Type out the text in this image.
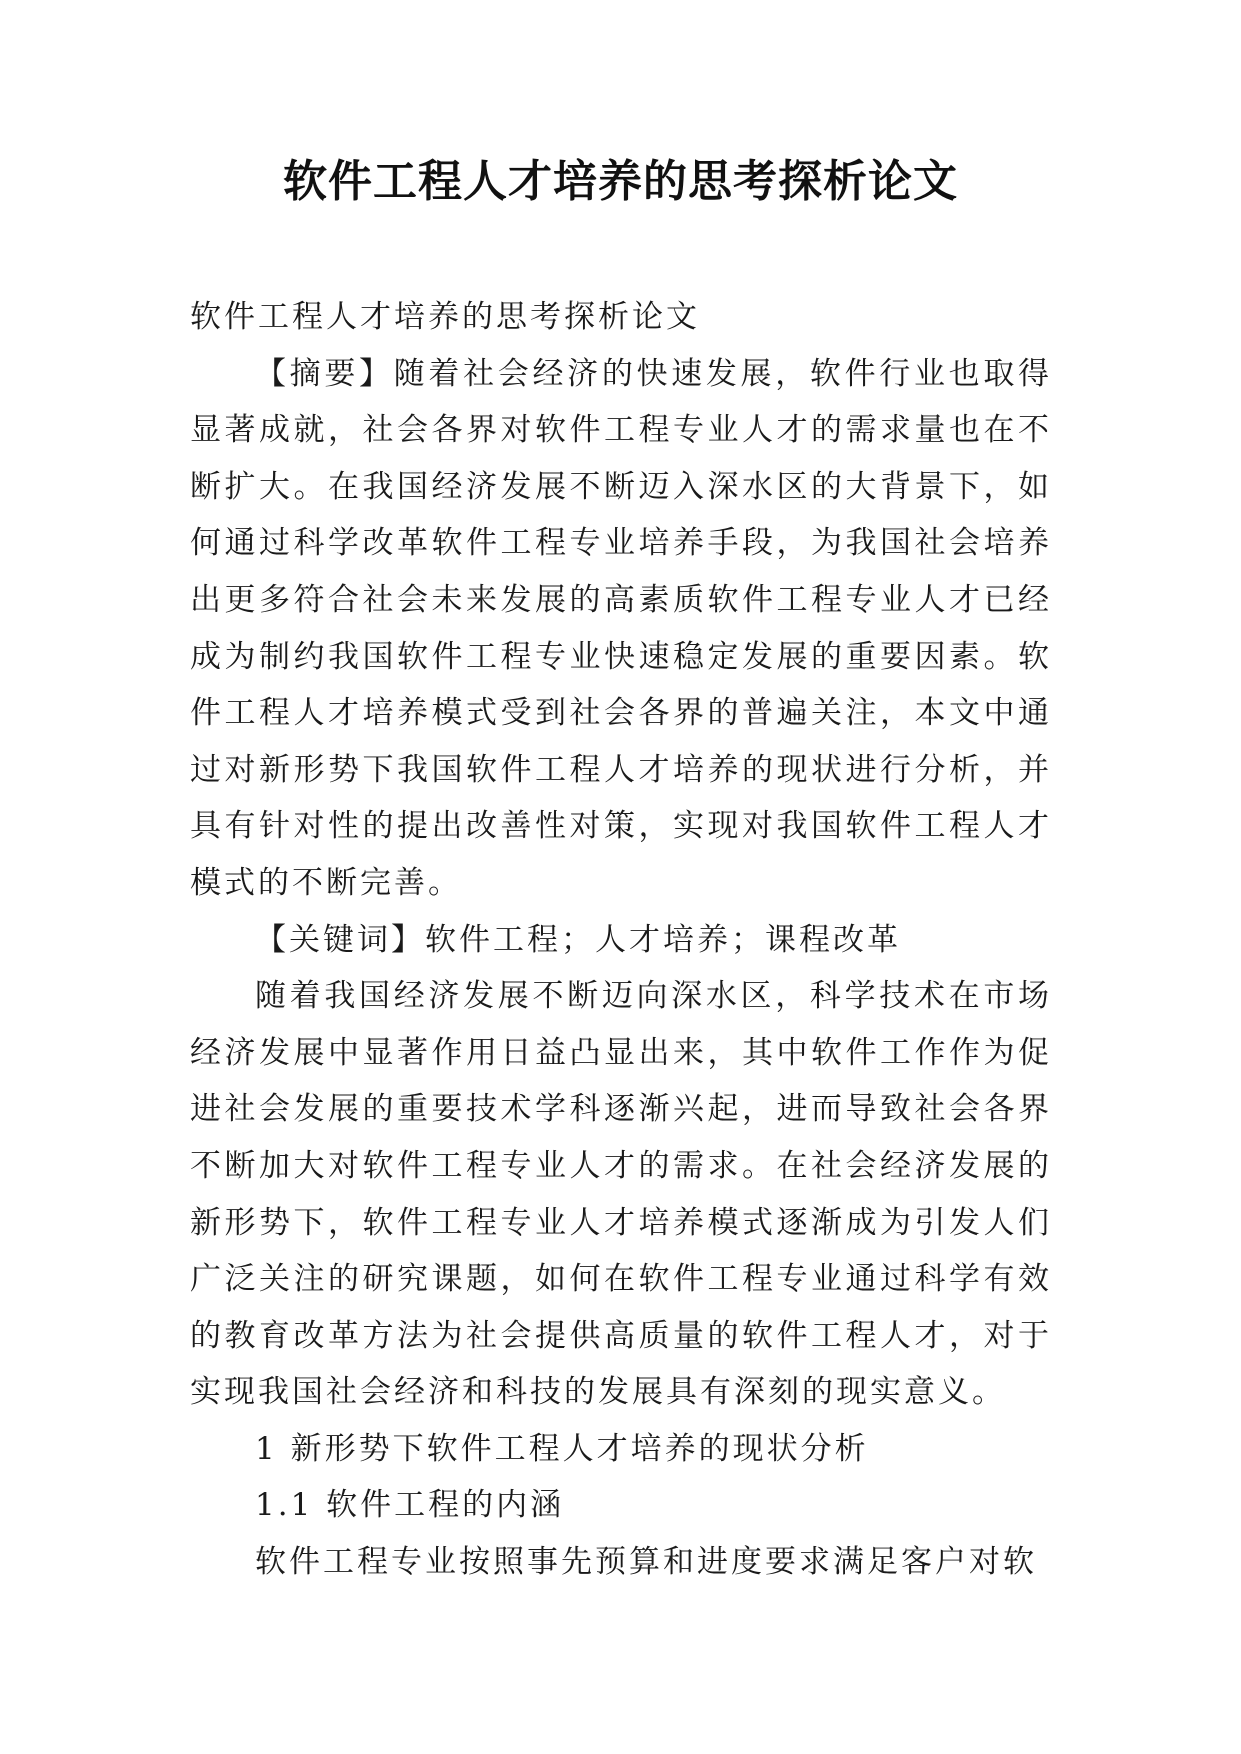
软件工程人才培养的思考探析论文

软件工程人才培养的思考探析论文

【摘要】随着社会经济的快速发展，软件行业也取得显著成就，社会各界对软件工程专业人才的需求量也在不断扩大。在我国经济发展不断迈入深水区的大背景下，如何通过科学改革软件工程专业培养手段，为我国社会培养出更多符合社会未来发展的高素质软件工程专业人才已经成为制约我国软件工程专业快速稳定发展的重要因素。软件工程人才培养模式受到社会各界的普遍关注，本文中通过对新形势下我国软件工程人才培养的现状进行分析，并具有针对性的提出改善性对策，实现对我国软件工程人才模式的不断完善。

【关键词】软件工程；人才培养；课程改革

随着我国经济发展不断迈向深水区，科学技术在市场经济发展中显著作用日益凸显出来，其中软件工作作为促进社会发展的重要技术学科逐渐兴起，进而导致社会各界不断加大对软件工程专业人才的需求。在社会经济发展的新形势下，软件工程专业人才培养模式逐渐成为引发人们广泛关注的研究课题，如何在软件工程专业通过科学有效的教育改革方法为社会提供高质量的软件工程人才，对于实现我国社会经济和科技的发展具有深刻的现实意义。

1 新形势下软件工程人才培养的现状分析

1.1 软件工程的内涵

软件工程专业按照事先预算和进度要求满足客户对软
